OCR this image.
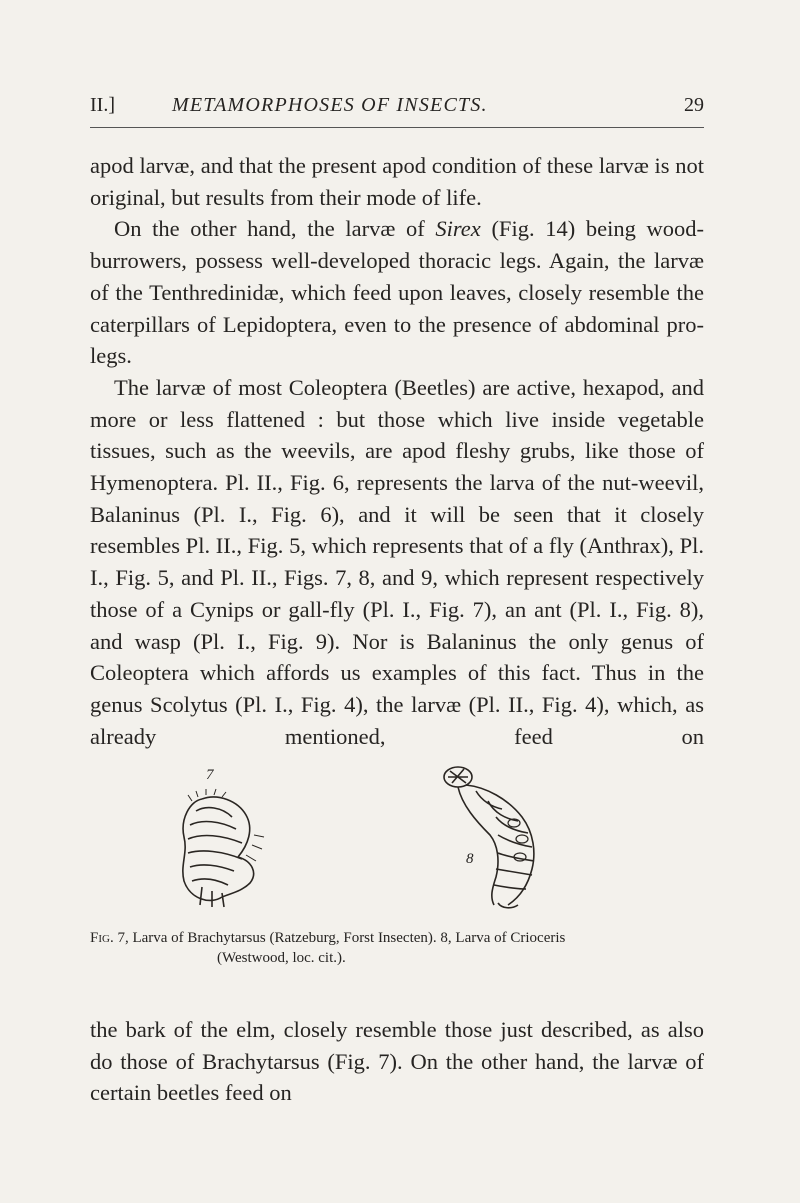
II.]	METAMORPHOSES OF INSECTS.	29

apod larvæ, and that the present apod condition of these larvæ is not original, but results from their mode of life.

On the other hand, the larvæ of Sirex (Fig. 14) being wood-burrowers, possess well-developed thoracic legs. Again, the larvæ of the Tenthredinidæ, which feed upon leaves, closely resemble the caterpillars of Lepidoptera, even to the presence of abdominal pro-legs.

The larvæ of most Coleoptera (Beetles) are active, hexapod, and more or less flattened : but those which live inside vegetable tissues, such as the weevils, are apod fleshy grubs, like those of Hymenoptera. Pl. II., Fig. 6, represents the larva of the nut-weevil, Balaninus (Pl. I., Fig. 6), and it will be seen that it closely resembles Pl. II., Fig. 5, which represents that of a fly (Anthrax), Pl. I., Fig. 5, and Pl. II., Figs. 7, 8, and 9, which represent respectively those of a Cynips or gall-fly (Pl. I., Fig. 7), an ant (Pl. I., Fig. 8), and wasp (Pl. I., Fig. 9). Nor is Balaninus the only genus of Coleoptera which affords us examples of this fact. Thus in the genus Scolytus (Pl. I., Fig. 4), the larvæ (Pl. II., Fig. 4), which, as already mentioned, feed on

7
8
Fig. 7, Larva of Brachytarsus (Ratzeburg, Forst Insecten). 8, Larva of Crioceris
(Westwood, loc. cit.).

the bark of the elm, closely resemble those just described, as also do those of Brachytarsus (Fig. 7). On the other hand, the larvæ of certain beetles feed on
